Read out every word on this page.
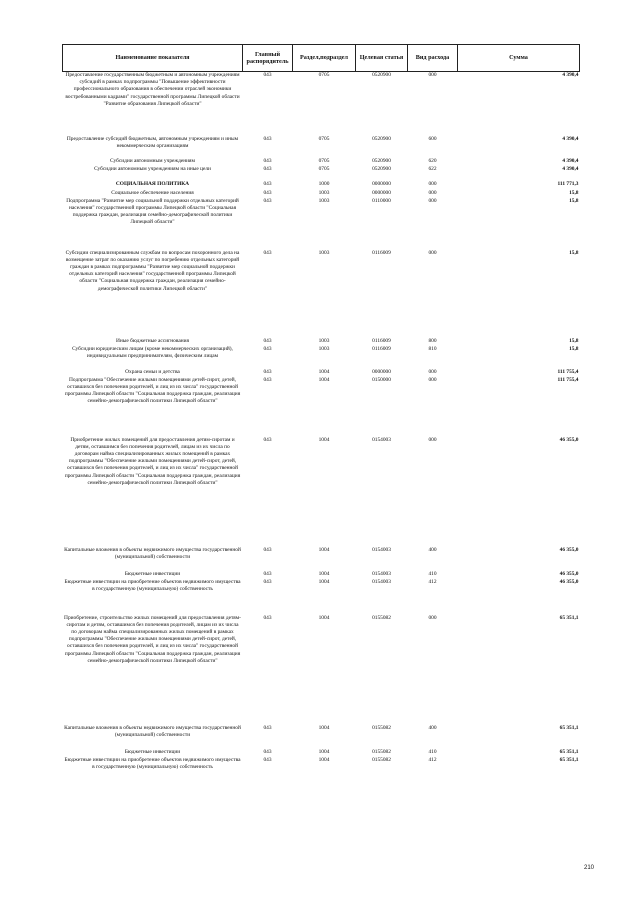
Наименование показателя	Главный распорядитель	Раздел,подраздел	Целевая статья	Вид расхода	Сумма
Предоставление государственным бюджетным и автономным учреждениям субсидий в рамках подпрограммы "Повышение эффективности профессионального образования в обеспечении отраслей экономики востребованными кадрами" государственной программы Липецкой области "Развитие образования Липецкой области"	043	0705	0520900	000	4 390,4
Предоставление субсидий бюджетным, автономным учреждениям и иным некоммерческим организациям	043	0705	0520900	600	4 390,4
Субсидии автономным учреждениям	043	0705	0520900	620	4 390,4
Субсидии автономным учреждениям на иные цели	043	0705	0520900	622	4 390,4
СОЦИАЛЬНАЯ ПОЛИТИКА	043	1000	0000000	000	111 771,3
Социальное обеспечение населения	043	1003	0000000	000	15,8
Подпрограмма "Развитие мер социальной поддержки отдельных категорий населения" государственной программы Липецкой области "Социальная поддержка граждан, реализация семейно-демографической политики Липецкой области"	043	1003	0110000	000	15,8
Субсидии специализированным службам по вопросам похоронного дела на возмещение затрат по оказанию услуг по погребению отдельных категорий граждан в рамках подпрограммы "Развитие мер социальной поддержки отдельных категорий населения" государственной программы Липецкой области "Социальная поддержка граждан, реализация семейно-демографической политики Липецкой области"	043	1003	0116009	000	15,8
Иные бюджетные ассигнования	043	1003	0116009	800	15,8
Субсидии юридическим лицам (кроме некоммерческих организаций), индивидуальным предпринимателям, физическим лицам	043	1003	0116009	810	15,8
Охрана семьи и детства	043	1004	0000000	000	111 755,4
Подпрограмма "Обеспечение жилыми помещениями детей-сирот, детей, оставшихся без попечения родителей, и лиц из их числа" государственной программы Липецкой области "Социальная поддержка граждан, реализация семейно-демографической политики Липецкой области"	043	1004	0150000	000	111 755,4
Приобретение жилых помещений для предоставления детям-сиротам и детям, оставшимся без попечения родителей, лицам из их числа по договорам найма специализированных жилых помещений в рамках подпрограммы "Обеспечение жилыми помещениями детей-сирот, детей, оставшихся без попечения родителей, и лиц из их числа" государственной программы Липецкой области "Социальная поддержка граждан, реализация семейно-демографической политики Липецкой области"	043	1004	0154003	000	46 355,0
Капитальные вложения в объекты недвижимого имущества государственной (муниципальной) собственности	043	1004	0154003	400	46 355,0
Бюджетные инвестиции	043	1004	0154003	410	46 355,0
Бюджетные инвестиции на приобретение объектов недвижимого имущества в государственную (муниципальную) собственность	043	1004	0154003	412	46 355,0
Приобретение, строительство жилых помещений для предоставления детям-сиротам и детям, оставшимся без попечения родителей, лицам из их числа по договорам найма специализированных жилых помещений в рамках подпрограммы "Обеспечение жилыми помещениями детей-сирот, детей, оставшихся без попечения родителей, и лиц из их числа" государственной программы Липецкой области "Социальная поддержка граждан, реализация семейно-демографической политики Липецкой области"	043	1004	0155082	000	65 351,1
Капитальные вложения в объекты недвижимого имущества государственной (муниципальной) собственности	043	1004	0155082	400	65 351,1
Бюджетные инвестиции	043	1004	0155082	410	65 351,1
Бюджетные инвестиции на приобретение объектов недвижимого имущества в государственную (муниципальную) собственность	043	1004	0155082	412	65 351,1
210
